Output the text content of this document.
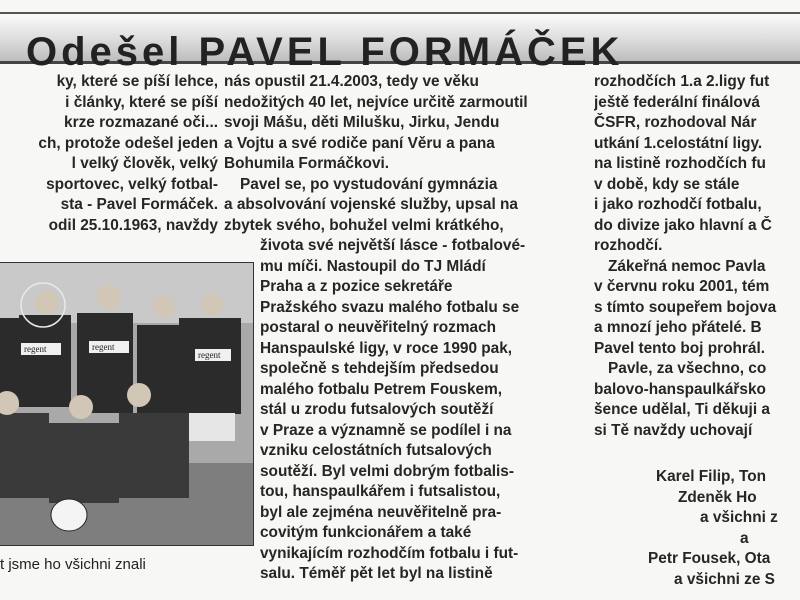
Odešel PAVEL FORMÁČEK
ky, které se píší lehce,
i články, které se píší
krze rozmazané oči...
ch, protože odešel jeden
l velký člověk, velký
sportovec, velký fotbal-
sta - Pavel Formáček.
odil 25.10.1963, navždy
regent	regent
regent
t jsme ho všichni znali
nás opustil 21.4.2003, tedy ve věku
nedožitých 40 let, nejvíce určitě zarmoutil
svoji Mášu, děti Milušku, Jirku, Jendu
a Vojtu a své rodiče paní Věru a pana
Bohumila Formáčkovi.
Pavel se, po vystudování gymnázia
a absolvování vojenské služby, upsal na
zbytek svého, bohužel velmi krátkého,
života své největší lásce - fotbalové-
mu míči. Nastoupil do TJ Mládí
Praha a z pozice sekretáře
Pražského svazu malého fotbalu se
postaral o neuvěřitelný rozmach
Hanspaulské ligy, v roce 1990 pak,
společně s tehdejším předsedou
malého fotbalu Petrem Fouskem,
stál u zrodu futsalových soutěží
v Praze a významně se podílel i na
vzniku celostátních futsalových
soutěží. Byl velmi dobrým fotbalis-
tou, hanspaulkářem i futsalistou,
byl ale zejména neuvěřitelně pra-
covitým funkcionářem a také
vynikajícím rozhodčím fotbalu i fut-
salu. Téměř pět let byl na listině
rozhodčích 1.a 2.ligy fut
ještě federální finálová
ČSFR, rozhodoval Nár
utkání 1.celostátní ligy.
na listině rozhodčích fu
v době, kdy se stále
i jako rozhodčí fotbalu,
do divize jako hlavní a Č
rozhodčí.
Zákeřná nemoc Pavla
v červnu roku 2001, tém
s tímto soupeřem bojova
a mnozí jeho přátelé. B
Pavel tento boj prohrál.
Pavle, za všechno, co
balovo-hanspaulkářsko
šence udělal, Ti děkuji a
si Tě navždy uchovají
Karel Filip, Ton
Zdeněk Ho
a všichni z
a
Petr Fousek, Ota
a všichni ze S
